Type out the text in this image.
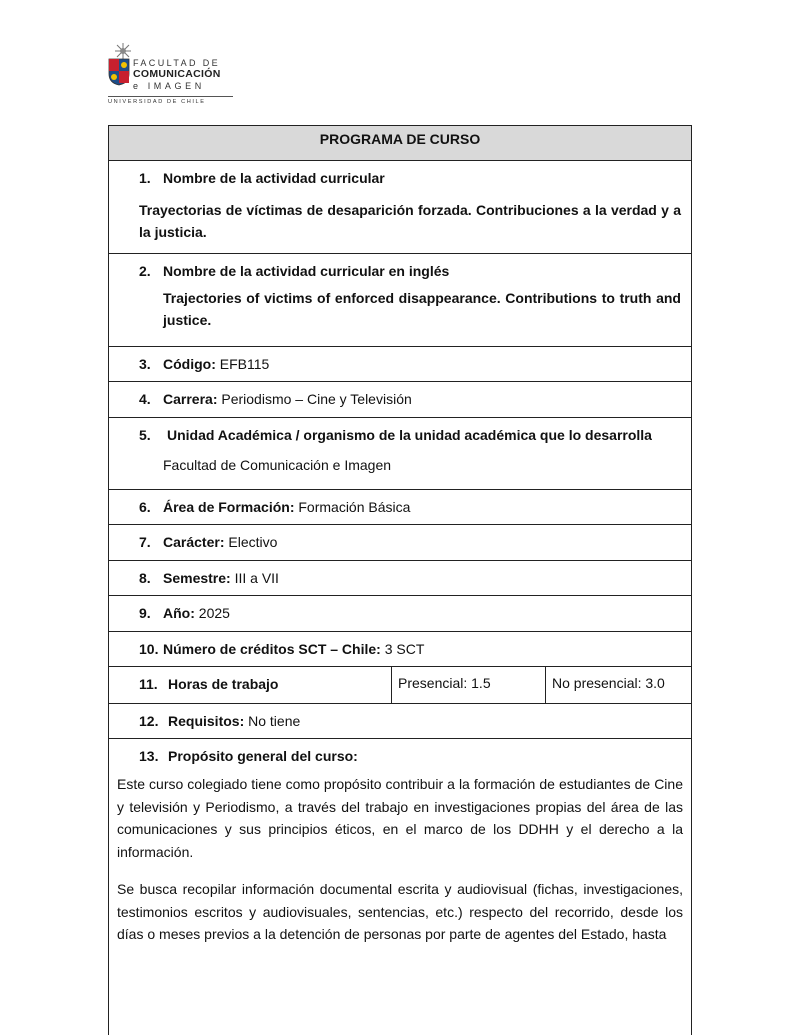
FACULTAD DE
COMUNICACIÓN
e IMAGEN
UNIVERSIDAD DE CHILE
PROGRAMA DE CURSO
1. Nombre de la actividad curricular
Trayectorias de víctimas de desaparición forzada. Contribuciones a la verdad y a la justicia.
2. Nombre de la actividad curricular en inglés
Trajectories of victims of enforced disappearance. Contributions to truth and justice.
3. Código: EFB115
4. Carrera: Periodismo – Cine y Televisión
5. Unidad Académica / organismo de la unidad académica que lo desarrolla
Facultad de Comunicación e Imagen
6. Área de Formación: Formación Básica
7. Carácter: Electivo
8. Semestre: III a VII
9. Año: 2025
10. Número de créditos SCT – Chile: 3 SCT
11. Horas de trabajo	Presencial: 1.5	No presencial: 3.0
12. Requisitos: No tiene
13. Propósito general del curso:
Este curso colegiado tiene como propósito contribuir a la formación de estudiantes de Cine y televisión y Periodismo, a través del trabajo en investigaciones propias del área de las comunicaciones y sus principios éticos, en el marco de los DDHH y el derecho a la información.
Se busca recopilar información documental escrita y audiovisual (fichas, investigaciones, testimonios escritos y audiovisuales, sentencias, etc.) respecto del recorrido, desde los días o meses previos a la detención de personas por parte de agentes del Estado, hasta
